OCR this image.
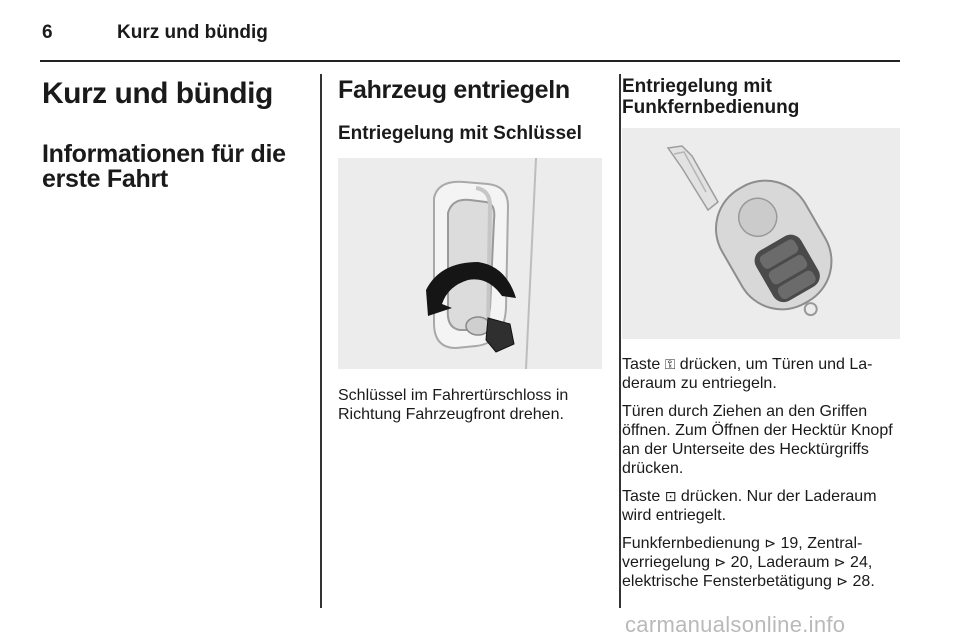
6	Kurz und bündig
Kurz und bündig
Informationen für die erste Fahrt
Fahrzeug entriegeln
Entriegelung mit Schlüssel

Schlüssel im Fahrertürschloss in Richtung Fahrzeugfront drehen.

Entriegelung mit Funkfernbedienung

Taste ⚿ drücken, um Türen und Laderaum zu entriegeln.

Türen durch Ziehen an den Griffen öffnen. Zum Öffnen der Hecktür Knopf an der Unterseite des Hecktürgriffs drücken.

Taste ⊡ drücken. Nur der Laderaum wird entriegelt.

Funkfernbedienung ⊳ 19, Zentralverriegelung ⊳ 20, Laderaum ⊳ 24, elektrische Fensterbetätigung ⊳ 28.

carmanualsonline.info
